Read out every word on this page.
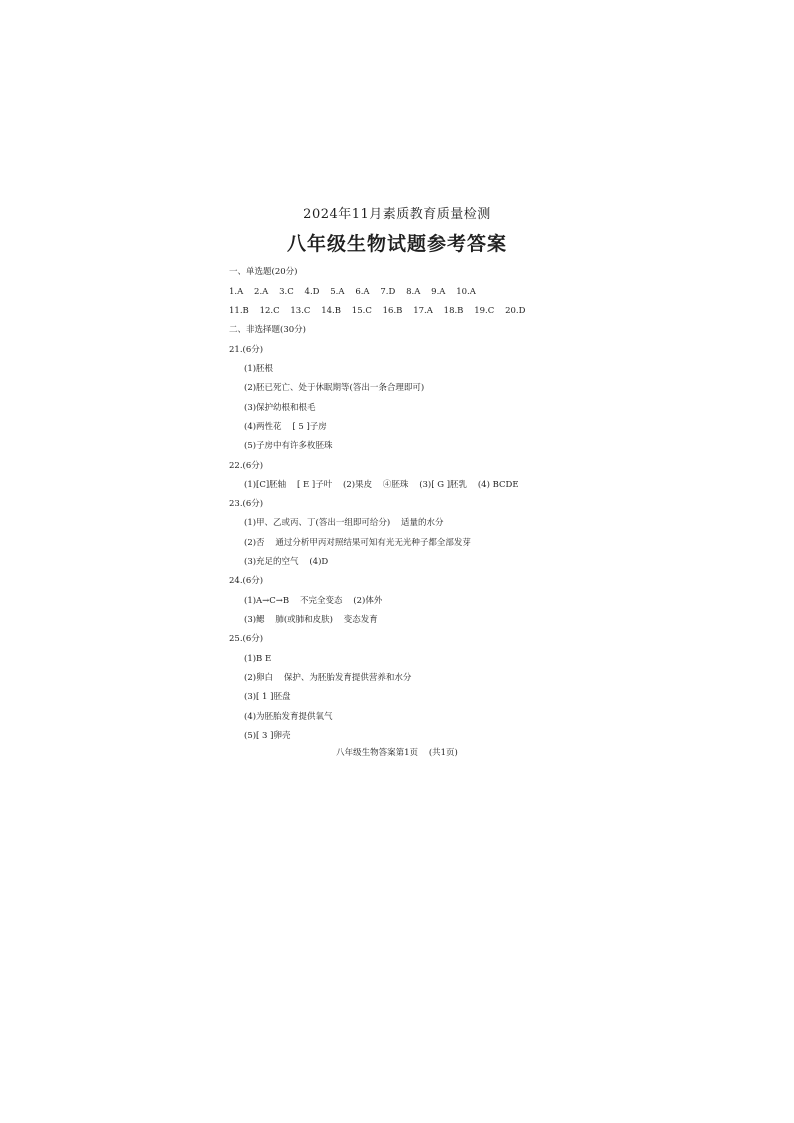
2024年11月素质教育质量检测
八年级生物试题参考答案
一、单选题(20分)
1.A    2.A    3.C    4.D    5.A    6.A    7.D    8.A    9.A    10.A
11.B    12.C    13.C    14.B    15.C    16.B    17.A    18.B    19.C    20.D
二、非选择题(30分)
21.(6分)
(1)胚根
(2)胚已死亡、处于休眠期等(答出一条合理即可)
(3)保护幼根和根毛
(4)两性花    [ 5 ]子房
(5)子房中有许多枚胚珠
22.(6分)
(1)[C]胚轴    [ E ]子叶    (2)果皮    ④胚珠    (3)[ G ]胚乳    (4) BCDE
23.(6分)
(1)甲、乙或丙、丁(答出一组即可给分)    适量的水分
(2)否    通过分析甲丙对照结果可知有光无光种子都全部发芽
(3)充足的空气    (4)D
24.(6分)
(1)A→C→B    不完全变态    (2)体外
(3)鳃    肺(或肺和皮肤)    变态发育
25.(6分)
(1)B E
(2)卵白    保护、为胚胎发育提供营养和水分
(3)[ 1 ]胚盘
(4)为胚胎发育提供氧气
(5)[ 3 ]卵壳
八年级生物答案第1页    (共1页)
